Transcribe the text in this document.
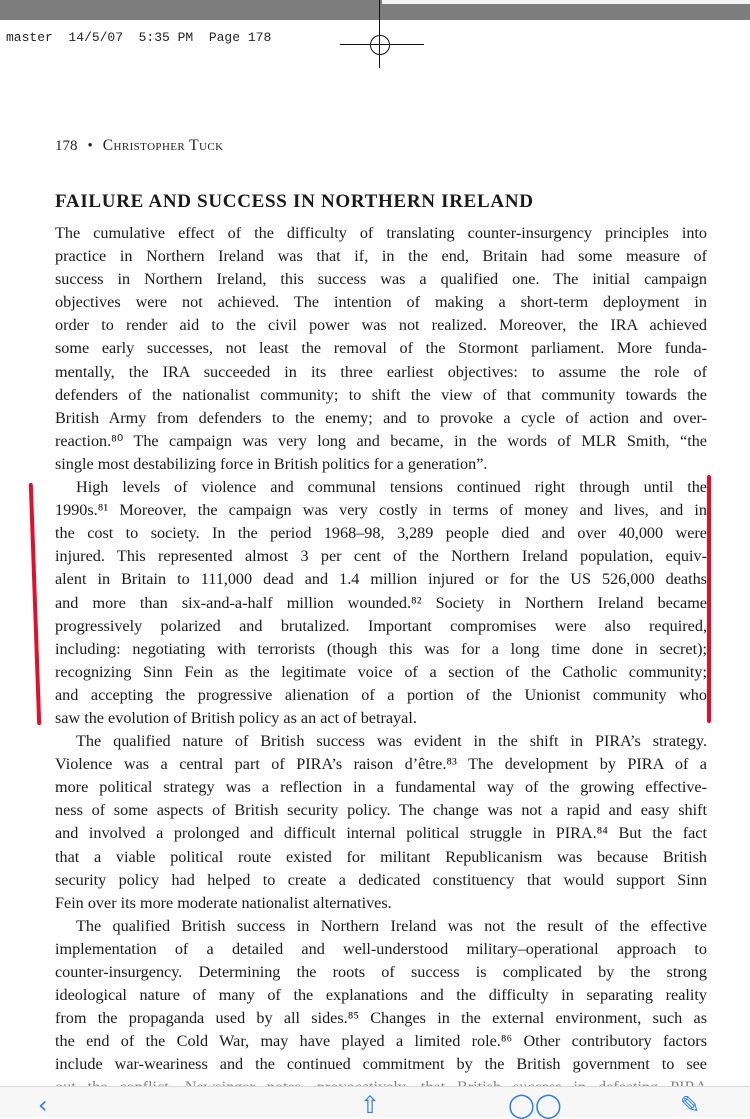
master  14/5/07  5:35 PM  Page 178
178 • Christopher Tuck
FAILURE AND SUCCESS IN NORTHERN IRELAND
The cumulative effect of the difficulty of translating counter-insurgency principles into
practice in Northern Ireland was that if, in the end, Britain had some measure of
success in Northern Ireland, this success was a qualified one. The initial campaign
objectives were not achieved. The intention of making a short-term deployment in
order to render aid to the civil power was not realized. Moreover, the IRA achieved
some early successes, not least the removal of the Stormont parliament. More funda-
mentally, the IRA succeeded in its three earliest objectives: to assume the role of
defenders of the nationalist community; to shift the view of that community towards the
British Army from defenders to the enemy; and to provoke a cycle of action and over-
reaction.⁸⁰ The campaign was very long and became, in the words of MLR Smith, “the
single most destabilizing force in British politics for a generation”.
High levels of violence and communal tensions continued right through until the
1990s.⁸¹ Moreover, the campaign was very costly in terms of money and lives, and in
the cost to society. In the period 1968–98, 3,289 people died and over 40,000 were
injured. This represented almost 3 per cent of the Northern Ireland population, equiv-
alent in Britain to 111,000 dead and 1.4 million injured or for the US 526,000 deaths
and more than six-and-a-half million wounded.⁸² Society in Northern Ireland became
progressively polarized and brutalized. Important compromises were also required,
including: negotiating with terrorists (though this was for a long time done in secret);
recognizing Sinn Fein as the legitimate voice of a section of the Catholic community;
and accepting the progressive alienation of a portion of the Unionist community who
saw the evolution of British policy as an act of betrayal.
The qualified nature of British success was evident in the shift in PIRA’s strategy.
Violence was a central part of PIRA’s raison d’être.⁸³ The development by PIRA of a
more political strategy was a reflection in a fundamental way of the growing effective-
ness of some aspects of British security policy. The change was not a rapid and easy shift
and involved a prolonged and difficult internal political struggle in PIRA.⁸⁴ But the fact
that a viable political route existed for militant Republicanism was because British
security policy had helped to create a dedicated constituency that would support Sinn
Fein over its more moderate nationalist alternatives.
The qualified British success in Northern Ireland was not the result of the effective
implementation of a detailed and well-understood military–operational approach to
counter-insurgency. Determining the roots of success is complicated by the strong
ideological nature of many of the explanations and the difficulty in separating reality
from the propaganda used by all sides.⁸⁵ Changes in the external environment, such as
the end of the Cold War, may have played a limited role.⁸⁶ Other contributory factors
include war-weariness and the continued commitment by the British government to see
‹	⇧	◯◯	✎
